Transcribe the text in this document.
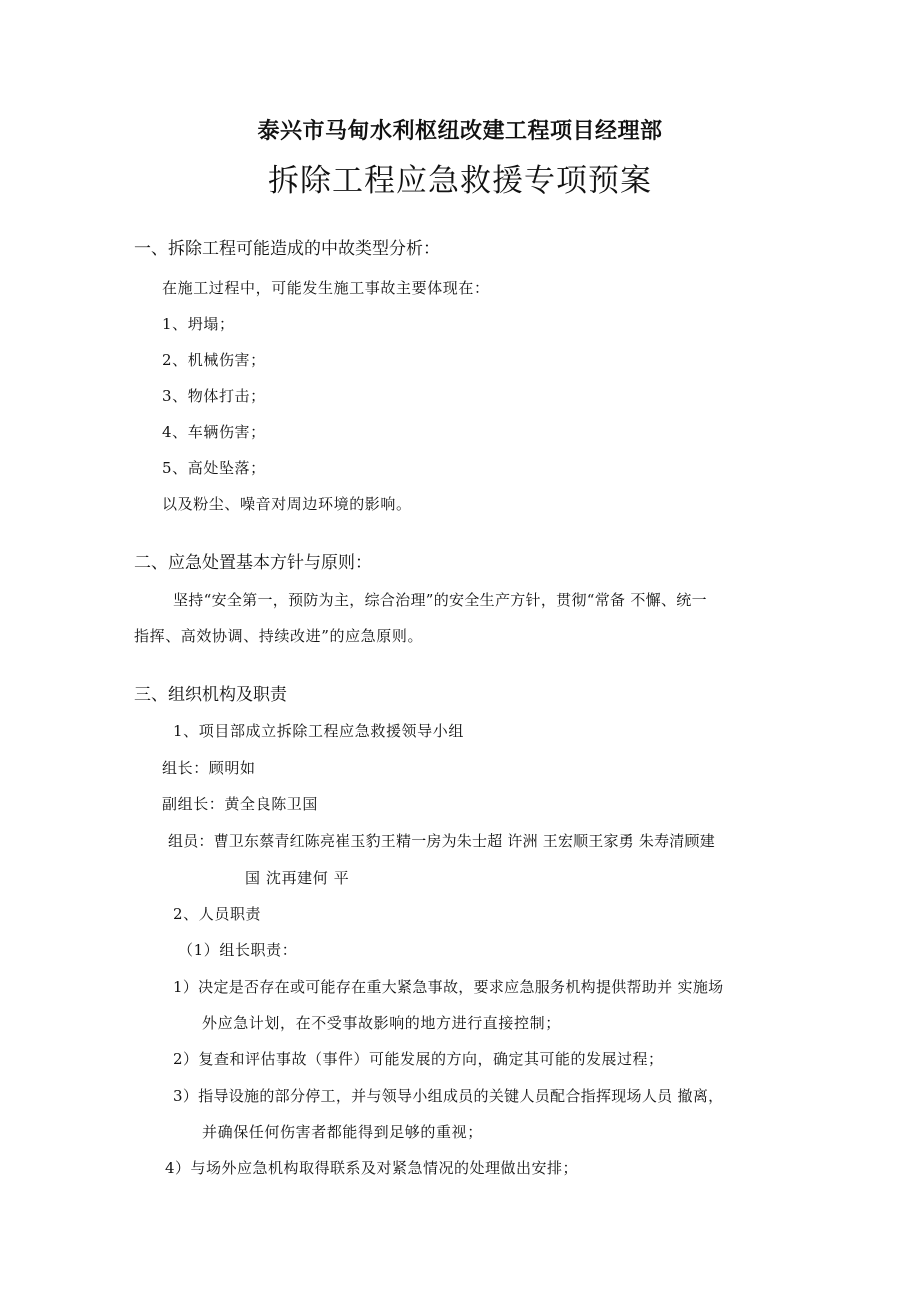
泰兴市马甸水利枢纽改建工程项目经理部
拆除工程应急救援专项预案
一、拆除工程可能造成的中故类型分析：
在施工过程中，可能发生施工事故主要体现在：
1、坍塌；
2、机械伤害；
3、物体打击；
4、车辆伤害；
5、高处坠落；
以及粉尘、噪音对周边环境的影响。
二、应急处置基本方针与原则：
坚持“安全第一，预防为主，综合治理”的安全生产方针，贯彻“常备 不懈、统一
指挥、高效协调、持续改进”的应急原则。
三、组织机构及职责
1、项目部成立拆除工程应急救援领导小组
组长：顾明如
副组长：黄全良陈卫国
组员：曹卫东蔡青红陈亮崔玉豹王精一房为朱士超 许洲 王宏顺王家勇 朱寿清顾建
国 沈再建何 平
2、人员职责
（1）组长职责：
1）决定是否存在或可能存在重大紧急事故，要求应急服务机构提供帮助并 实施场
外应急计划，在不受事故影响的地方进行直接控制；
2）复查和评估事故（事件）可能发展的方向，确定其可能的发展过程；
3）指导设施的部分停工，并与领导小组成员的关键人员配合指挥现场人员 撤离，
并确保任何伤害者都能得到足够的重视；
4）与场外应急机构取得联系及对紧急情况的处理做出安排；
